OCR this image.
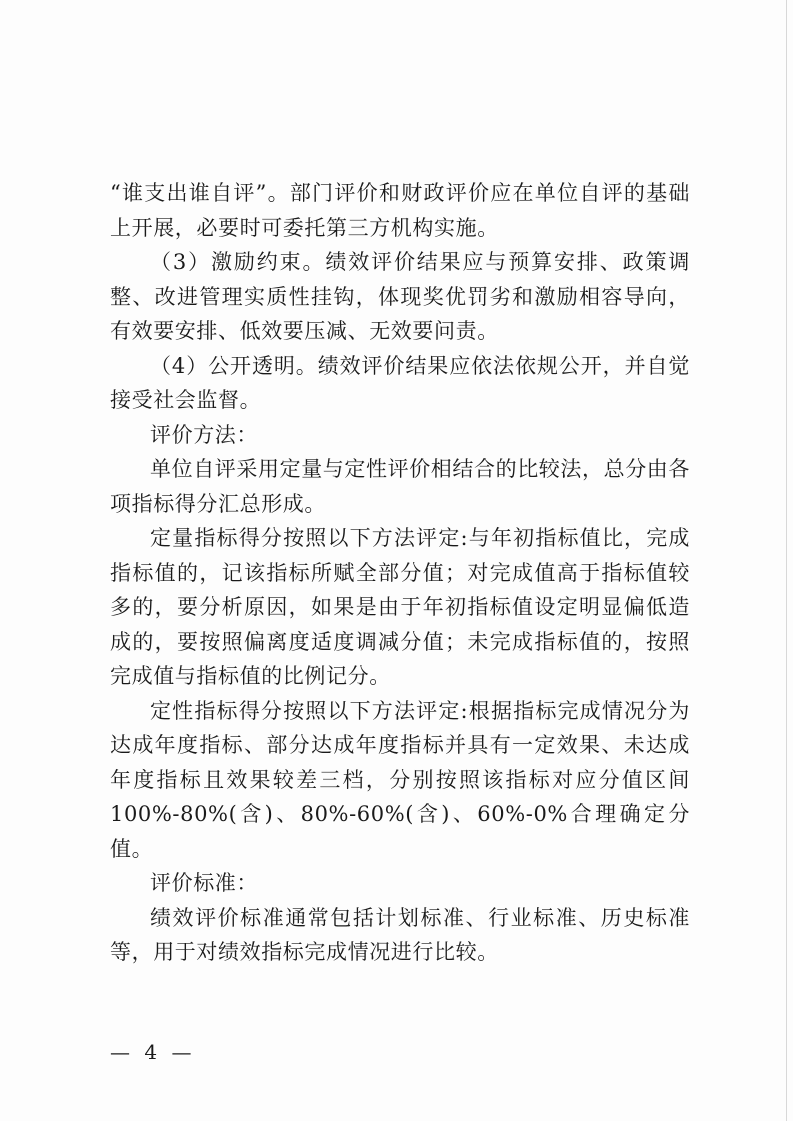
“谁支出谁自评”。部门评价和财政评价应在单位自评的基础上开展，必要时可委托第三方机构实施。

（3）激励约束。绩效评价结果应与预算安排、政策调整、改进管理实质性挂钩，体现奖优罚劣和激励相容导向，有效要安排、低效要压减、无效要问责。

（4）公开透明。绩效评价结果应依法依规公开，并自觉接受社会监督。

评价方法：

单位自评采用定量与定性评价相结合的比较法，总分由各项指标得分汇总形成。

定量指标得分按照以下方法评定:与年初指标值比，完成指标值的，记该指标所赋全部分值；对完成值高于指标值较多的，要分析原因，如果是由于年初指标值设定明显偏低造成的，要按照偏离度适度调减分值；未完成指标值的，按照完成值与指标值的比例记分。

定性指标得分按照以下方法评定:根据指标完成情况分为达成年度指标、部分达成年度指标并具有一定效果、未达成年度指标且效果较差三档，分别按照该指标对应分值区间 100%-80%(含)、80%-60%(含)、60%-0%合理确定分值。

评价标准：

绩效评价标准通常包括计划标准、行业标准、历史标准等，用于对绩效指标完成情况进行比较。

— 4 —
